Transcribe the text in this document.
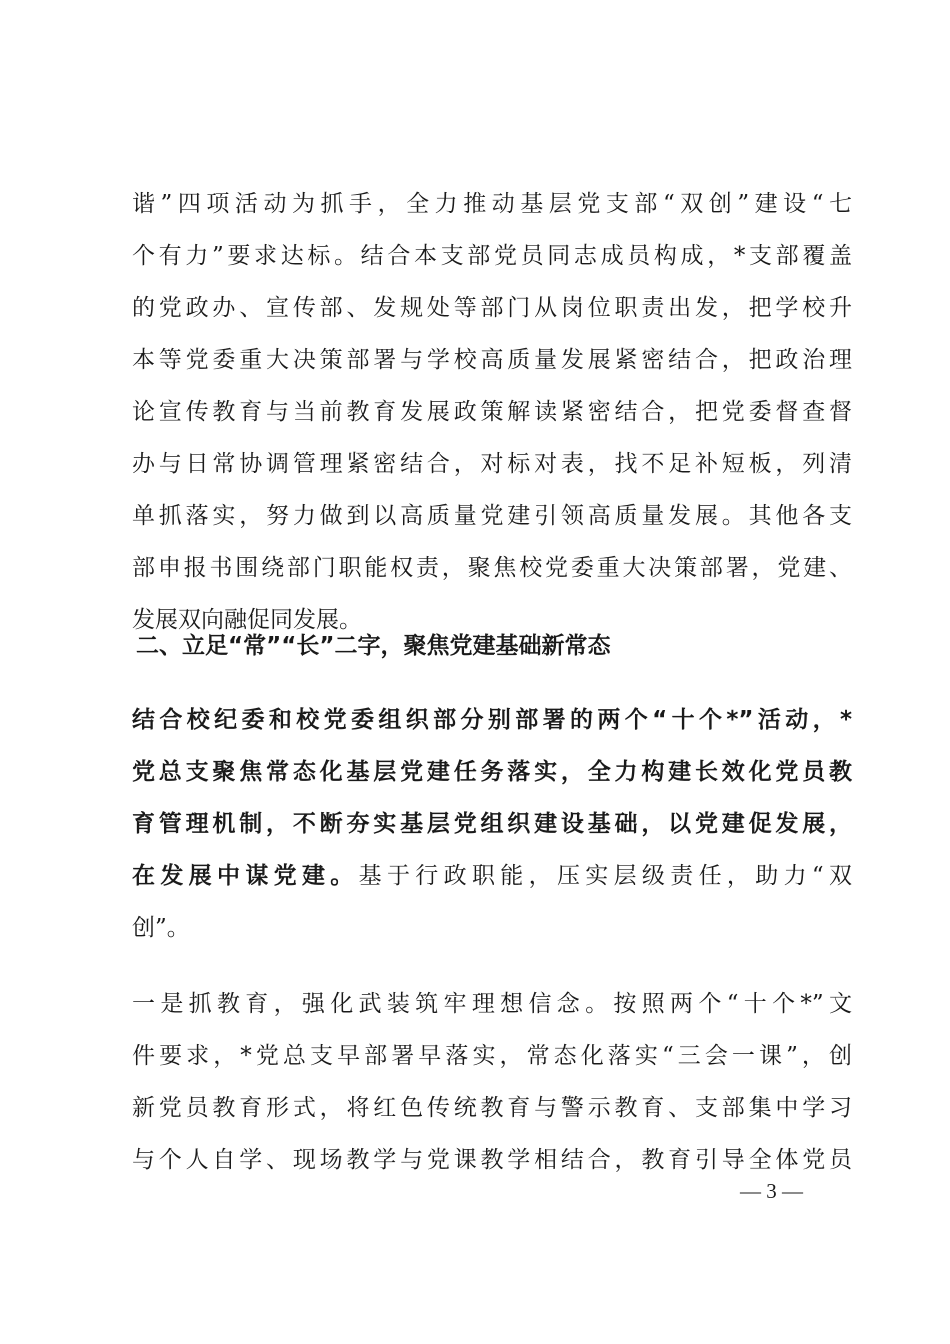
谐”四项活动为抓手，全力推动基层党支部“双创”建设“七
个有力”要求达标。结合本支部党员同志成员构成，*支部覆盖
的党政办、宣传部、发规处等部门从岗位职责出发，把学校升
本等党委重大决策部署与学校高质量发展紧密结合，把政治理
论宣传教育与当前教育发展政策解读紧密结合，把党委督查督
办与日常协调管理紧密结合，对标对表，找不足补短板，列清
单抓落实，努力做到以高质量党建引领高质量发展。其他各支
部申报书围绕部门职能权责，聚焦校党委重大决策部署，党建、
发展双向融促同发展。
二、立足“常”“长”二字，聚焦党建基础新常态
结合校纪委和校党委组织部分别部署的两个“十个*”活动，*
党总支聚焦常态化基层党建任务落实，全力构建长效化党员教
育管理机制，不断夯实基层党组织建设基础，以党建促发展，
在发展中谋党建。基于行政职能，压实层级责任，助力“双
创”。
一是抓教育，强化武装筑牢理想信念。按照两个“十个*”文
件要求，*党总支早部署早落实，常态化落实“三会一课”，创
新党员教育形式，将红色传统教育与警示教育、支部集中学习
与个人自学、现场教学与党课教学相结合，教育引导全体党员
— 3 —
